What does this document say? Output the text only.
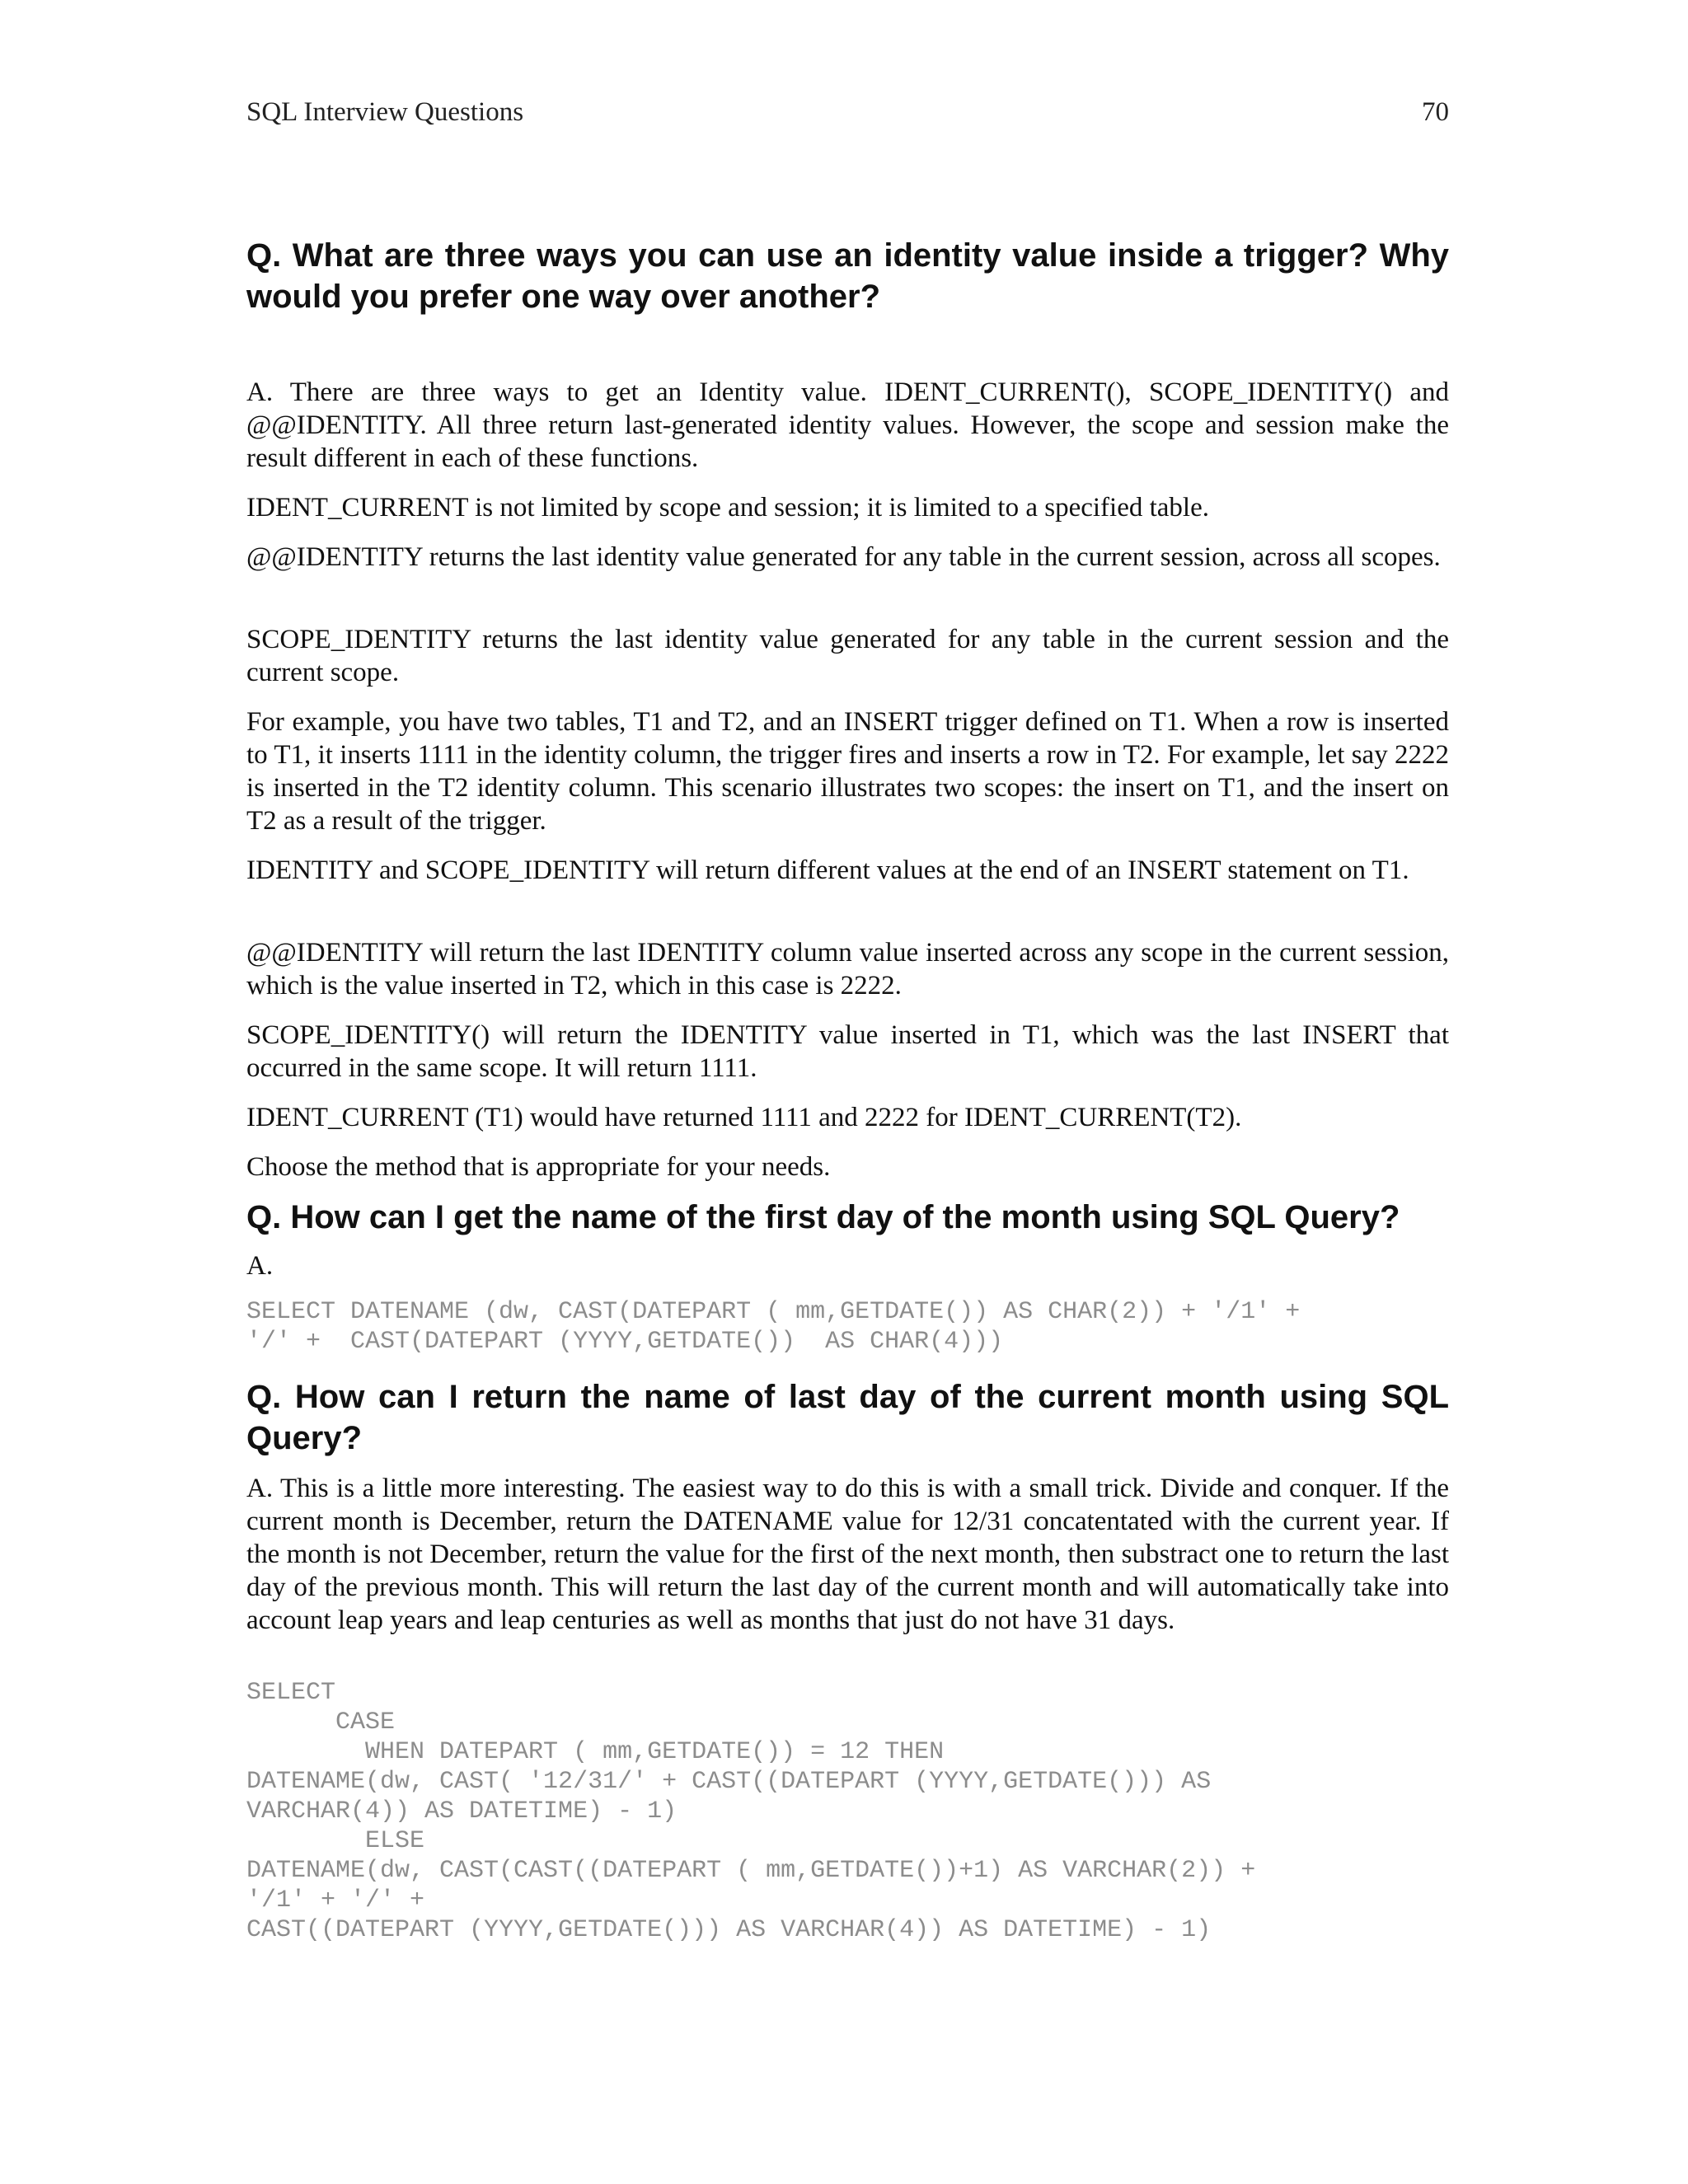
SQL Interview Questions	70
Q. What are three ways you can use an identity value inside a trigger? Why would you prefer one way over another?

A. There are three ways to get an Identity value. IDENT_CURRENT(), SCOPE_IDENTITY() and @@IDENTITY. All three return last-generated identity values. However, the scope and session make the result different in each of these functions.

IDENT_CURRENT is not limited by scope and session; it is limited to a specified table.

@@IDENTITY returns the last identity value generated for any table in the current session, across all scopes.

SCOPE_IDENTITY returns the last identity value generated for any table in the current session and the current scope.

For example, you have two tables, T1 and T2, and an INSERT trigger defined on T1. When a row is inserted to T1, it inserts 1111 in the identity column, the trigger fires and inserts a row in T2. For example, let say 2222 is inserted in the T2 identity column. This scenario illustrates two scopes: the insert on T1, and the insert on T2 as a result of the trigger.

IDENTITY and SCOPE_IDENTITY will return different values at the end of an INSERT statement on T1.

@@IDENTITY will return the last IDENTITY column value inserted across any scope in the current session, which is the value inserted in T2, which in this case is 2222.

SCOPE_IDENTITY() will return the IDENTITY value inserted in T1, which was the last INSERT that occurred in the same scope. It will return 1111.

IDENT_CURRENT (T1) would have returned 1111 and 2222 for IDENT_CURRENT(T2).

Choose the method that is appropriate for your needs.

Q. How can I get the name of the first day of the month using SQL Query?

A.

SELECT DATENAME (dw, CAST(DATEPART ( mm,GETDATE()) AS CHAR(2)) + '/1' +
'/' +  CAST(DATEPART (YYYY,GETDATE())  AS CHAR(4)))
Q. How can I return the name of last day of the current month using SQL Query?

A. This is a little more interesting. The easiest way to do this is with a small trick. Divide and conquer. If the current month is December, return the DATENAME value for 12/31 concatentated with the current year. If the month is not December, return the value for the first of the next month, then substract one to return the last day of the previous month. This will return the last day of the current month and will automatically take into account leap years and leap centuries as well as months that just do not have 31 days.

SELECT
CASE
WHEN DATEPART ( mm,GETDATE()) = 12 THEN
DATENAME(dw, CAST( '12/31/' + CAST((DATEPART (YYYY,GETDATE())) AS
VARCHAR(4)) AS DATETIME) - 1)
ELSE
DATENAME(dw, CAST(CAST((DATEPART ( mm,GETDATE())+1) AS VARCHAR(2)) +
'/1' + '/' +
CAST((DATEPART (YYYY,GETDATE())) AS VARCHAR(4)) AS DATETIME) - 1)
